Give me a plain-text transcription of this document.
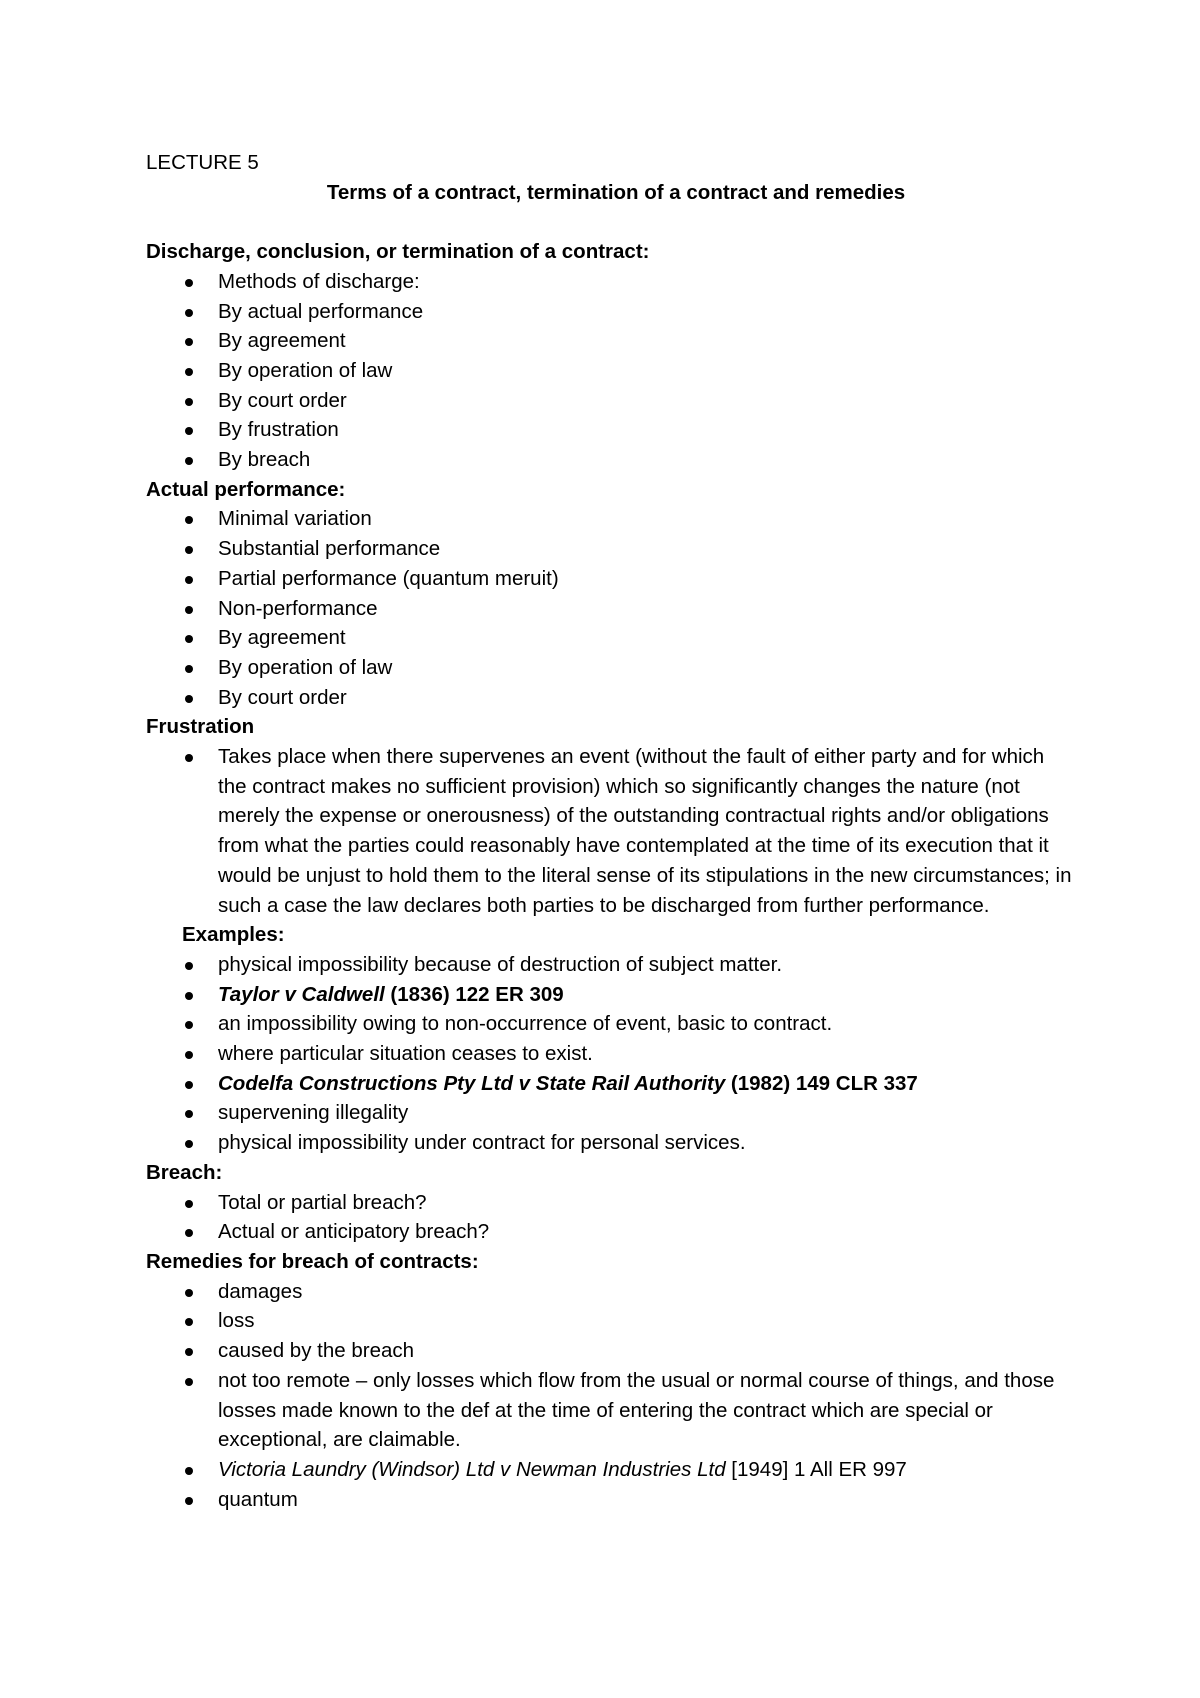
LECTURE 5
Terms of a contract, termination of a contract and remedies
Discharge, conclusion, or termination of a contract:
Methods of discharge:
By actual performance
By agreement
By operation of law
By court order
By frustration
By breach
Actual performance:
Minimal variation
Substantial performance
Partial performance (quantum meruit)
Non-performance
By agreement
By operation of law
By court order
Frustration
Takes place when there supervenes an event (without the fault of either party and for which the contract makes no sufficient provision) which so significantly changes the nature (not merely the expense or onerousness) of the outstanding contractual rights and/or obligations from what the parties could reasonably have contemplated at the time of its execution that it would be unjust to hold them to the literal sense of its stipulations in the new circumstances; in such a case the law declares both parties to be discharged from further performance.
Examples:
physical impossibility because of destruction of subject matter.
Taylor v Caldwell (1836) 122 ER 309
an impossibility owing to non-occurrence of event, basic to contract.
where particular situation ceases to exist.
Codelfa Constructions Pty Ltd v State Rail Authority (1982) 149 CLR 337
supervening illegality
physical impossibility under contract for personal services.
Breach:
Total or partial breach?
Actual or anticipatory breach?
Remedies for breach of contracts:
damages
loss
caused by the breach
not too remote – only losses which flow from the usual or normal course of things, and those losses made known to the def at the time of entering the contract which are special or exceptional, are claimable.
Victoria Laundry (Windsor) Ltd v Newman Industries Ltd [1949] 1 All ER 997
quantum
